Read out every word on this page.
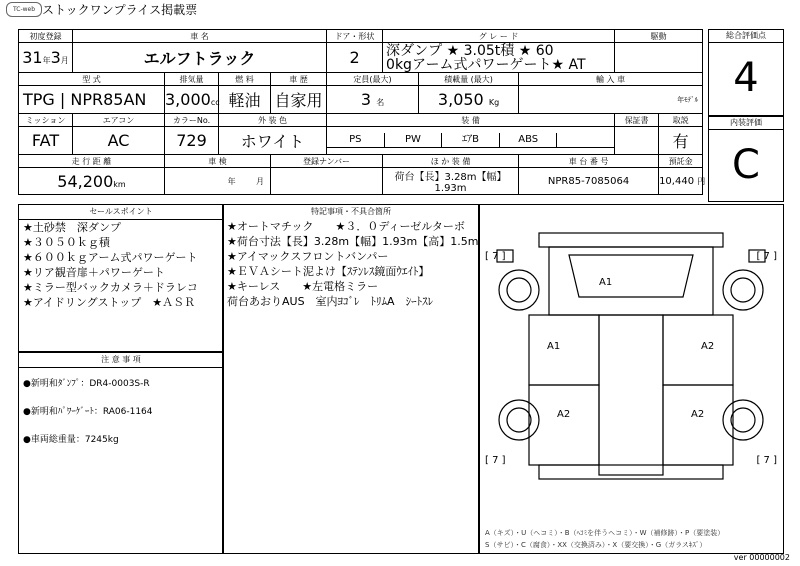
TC-web ストックワンプライス掲載票
初度登録	車 名				ドア・形状	グ レ ー ド			駆動	
31年3月	エルフトラック				2	深ダンプ ★ 3.05t積 ★ 60
0kgアーム式パワーゲート★ AT				

型 式		排気量	燃 料	車 歴	定員(最大)		積載量 (最大)	輸 入 車		
TPG | NPR85AN		3,000cc	軽油	自家用	3 名		3,050 Kg	年ﾓﾃﾞﾙ		
ミッション	エアコン	カラーNo.	外 装 色		装 備				保証書	取説
FAT	AC	729	ホワイト		PS PW ｴｱB ABS					有
走 行 距 離		車 検		登録ナンバー		ほ か 装 備		車 台 番 号		預託金
54,200km		年 月				荷台【長】3.28m【幅】1.93m		NPR85-7085064		10,440 円
総合評価点
4
内装評価
C
セールスポイント
★土砂禁　深ダンプ
★３０５０ｋｇ積
★６００ｋｇアーム式パワーゲート
★リア観音扉＋パワーゲート
★ミラー型バックカメラ＋ドラレコ
★アイドリングストップ　★ＡＳＲ
注 意 事 項
●新明和ﾀﾞﾝﾌﾟ：DR4-0003S-R
●新明和ﾊﾟﾜｰｹﾞｰﾄ：RA06-1164
●車両総重量：7245kg
特記事項・不具合箇所
★オートマチック　　★３．０ディーゼルターボ
★荷台寸法【長】3.28m【幅】1.93m【高】1.5m
★アイマックスフロントバンパー
★ＥＶＡシート泥よけ【ｽﾃﾝﾚｽ鏡面ｳｴｲﾄ】
★キーレス　　★左電格ミラー
荷台あおりAUS　室内ﾖｺﾞﾚ　ﾄﾘﾑA　ｼｰﾄｽﾚ
[ 7 ]	[ 7 ]
[ 7 ]	[ 7 ]
A1
A1	A2
A2	A2
A（キズ）・U（ヘコミ）・B（ﾍｺﾐを伴うヘコミ）・W（補修跡）・P（要塗装）
S（サビ）・C（腐食）・XX（交換済み）・X（要交換）・G（ガラスｷｽﾞ）
ver 00000002
